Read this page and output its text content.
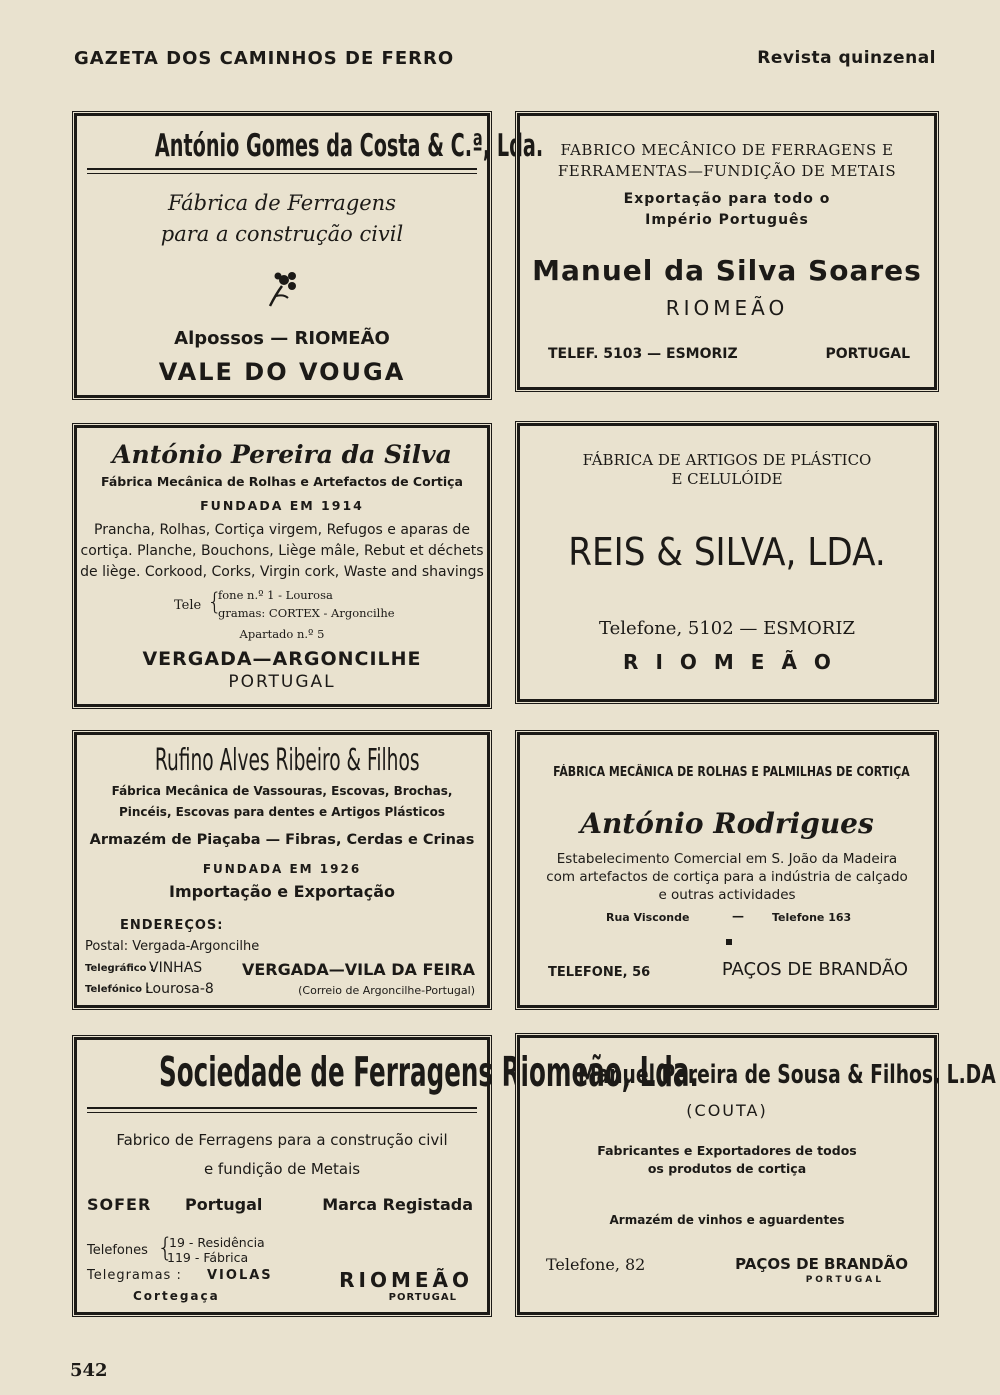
GAZETA DOS CAMINHOS DE FERRO	Revista quinzenal
António Gomes da Costa & C.ª, Lda.
Fábrica de Ferragens
para a construção civil
Alpossos — RIOMEÃO
VALE DO VOUGA
FABRICO MECÂNICO DE FERRAGENS E
FERRAMENTAS—FUNDIÇÃO DE METAIS
Exportação para todo o
Império Português
Manuel da Silva Soares
RIOMEÃO
TELEF. 5103 — ESMORIZ	PORTUGAL
António Pereira da Silva
Fábrica Mecânica de Rolhas e Artefactos de Cortiça
FUNDADA EM 1914
Prancha, Rolhas, Cortiça virgem, Refugos e aparas de
cortiça. Planche, Bouchons, Liège mâle, Rebut et déchets
de liège. Corkood, Corks, Virgin cork, Waste and shavings
Tele {
fone n.º 1 - Lourosa
gramas: CORTEX - Argoncilhe
Apartado n.º 5
VERGADA—ARGONCILHE
PORTUGAL
FÁBRICA DE ARTIGOS DE PLÁSTICO
E CELULÓIDE
REIS & SILVA, LDA.
Telefone, 5102 — ESMORIZ
RIOMEÃO
Rufino Alves Ribeiro & Filhos
Fábrica Mecânica de Vassouras, Escovas, Brochas,
Pincéis, Escovas para dentes e Artigos Plásticos
Armazém de Piaçaba — Fibras, Cerdas e Crinas
FUNDADA EM 1926
Importação e Exportação
ENDEREÇOS:
Postal: Vergada-Argoncilhe
Telegráfico :
VINHAS
Telefónico :
Lourosa-8
VERGADA—VILA DA FEIRA
(Correio de Argoncilhe-Portugal)
FÁBRICA MECÂNICA DE ROLHAS E PALMILHAS DE CORTIÇA
António Rodrigues
Estabelecimento Comercial em S. João da Madeira
com artefactos de cortiça para a indústria de calçado
e outras actividades
Rua Visconde	—	Telefone 163
TELEFONE, 56	PAÇOS DE BRANDÃO
Sociedade de Ferragens Riomeão, Lda.
Fabrico de Ferragens para a construção civil
e fundição de Metais
SOFER Portugal	Marca Registada
Telefones {
19 - Residência
119 - Fábrica
Telegramas : VIOLAS
Cortegaça
RIOMEÃO
PORTUGAL
Manuel Pereira de Sousa & Filhos, L.DA
(COUTA)
Fabricantes e Exportadores de todos
os produtos de cortiça
Armazém de vinhos e aguardentes
Telefone, 82	PAÇOS DE BRANDÃO
PORTUGAL
542
